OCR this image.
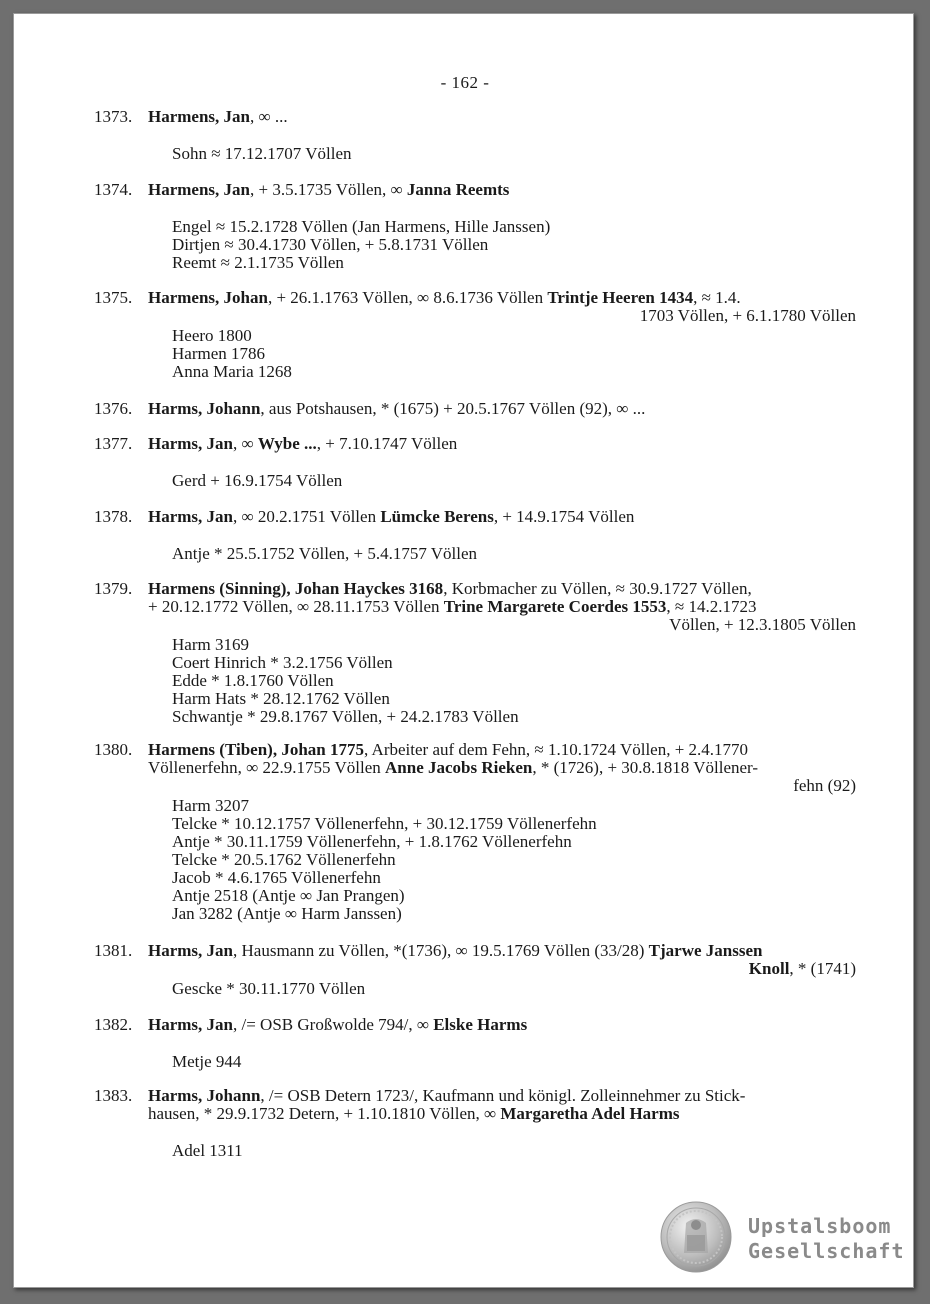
- 162 -
1373. Harmens, Jan, ∞ ...
Sohn ≈ 17.12.1707 Völlen
1374. Harmens, Jan, + 3.5.1735 Völlen, ∞ Janna Reemts
Engel ≈ 15.2.1728 Völlen (Jan Harmens, Hille Janssen)
Dirtjen ≈ 30.4.1730 Völlen, + 5.8.1731 Völlen
Reemt ≈ 2.1.1735 Völlen
1375. Harmens, Johan, + 26.1.1763 Völlen, ∞ 8.6.1736 Völlen Trintje Heeren 1434, ≈ 1.4.
1703 Völlen, + 6.1.1780 Völlen
Heero 1800
Harmen 1786
Anna Maria 1268
1376. Harms, Johann, aus Potshausen, * (1675) + 20.5.1767 Völlen (92), ∞ ...
1377. Harms, Jan, ∞ Wybe ..., + 7.10.1747 Völlen
Gerd + 16.9.1754 Völlen
1378. Harms, Jan, ∞ 20.2.1751 Völlen Lümcke Berens, + 14.9.1754 Völlen
Antje * 25.5.1752 Völlen, + 5.4.1757 Völlen
1379. Harmens (Sinning), Johan Hayckes 3168, Korbmacher zu Völlen, ≈ 30.9.1727 Völlen,
+ 20.12.1772 Völlen, ∞ 28.11.1753 Völlen Trine Margarete Coerdes 1553, ≈ 14.2.1723
Völlen, + 12.3.1805 Völlen
Harm 3169
Coert Hinrich * 3.2.1756 Völlen
Edde * 1.8.1760 Völlen
Harm Hats * 28.12.1762 Völlen
Schwantje * 29.8.1767 Völlen, + 24.2.1783 Völlen
1380. Harmens (Tiben), Johan 1775, Arbeiter auf dem Fehn, ≈ 1.10.1724 Völlen, + 2.4.1770
Völlenerfehn, ∞ 22.9.1755 Völlen Anne Jacobs Rieken, * (1726), + 30.8.1818 Völlener-
fehn (92)
Harm 3207
Telcke * 10.12.1757 Völlenerfehn, + 30.12.1759 Völlenerfehn
Antje * 30.11.1759 Völlenerfehn, + 1.8.1762 Völlenerfehn
Telcke * 20.5.1762 Völlenerfehn
Jacob * 4.6.1765 Völlenerfehn
Antje 2518 (Antje ∞ Jan Prangen)
Jan 3282 (Antje ∞ Harm Janssen)
1381. Harms, Jan, Hausmann zu Völlen, *(1736), ∞ 19.5.1769 Völlen (33/28) Tjarwe Janssen
Knoll, * (1741)
Gescke * 30.11.1770 Völlen
1382. Harms, Jan, /= OSB Großwolde 794/, ∞ Elske Harms
Metje 944
1383. Harms, Johann, /= OSB Detern 1723/, Kaufmann und königl. Zolleinnehmer zu Stick-
hausen, * 29.9.1732 Detern, + 1.10.1810 Völlen, ∞ Margaretha Adel Harms
Adel 1311
Upstalsboom
Gesellschaft
